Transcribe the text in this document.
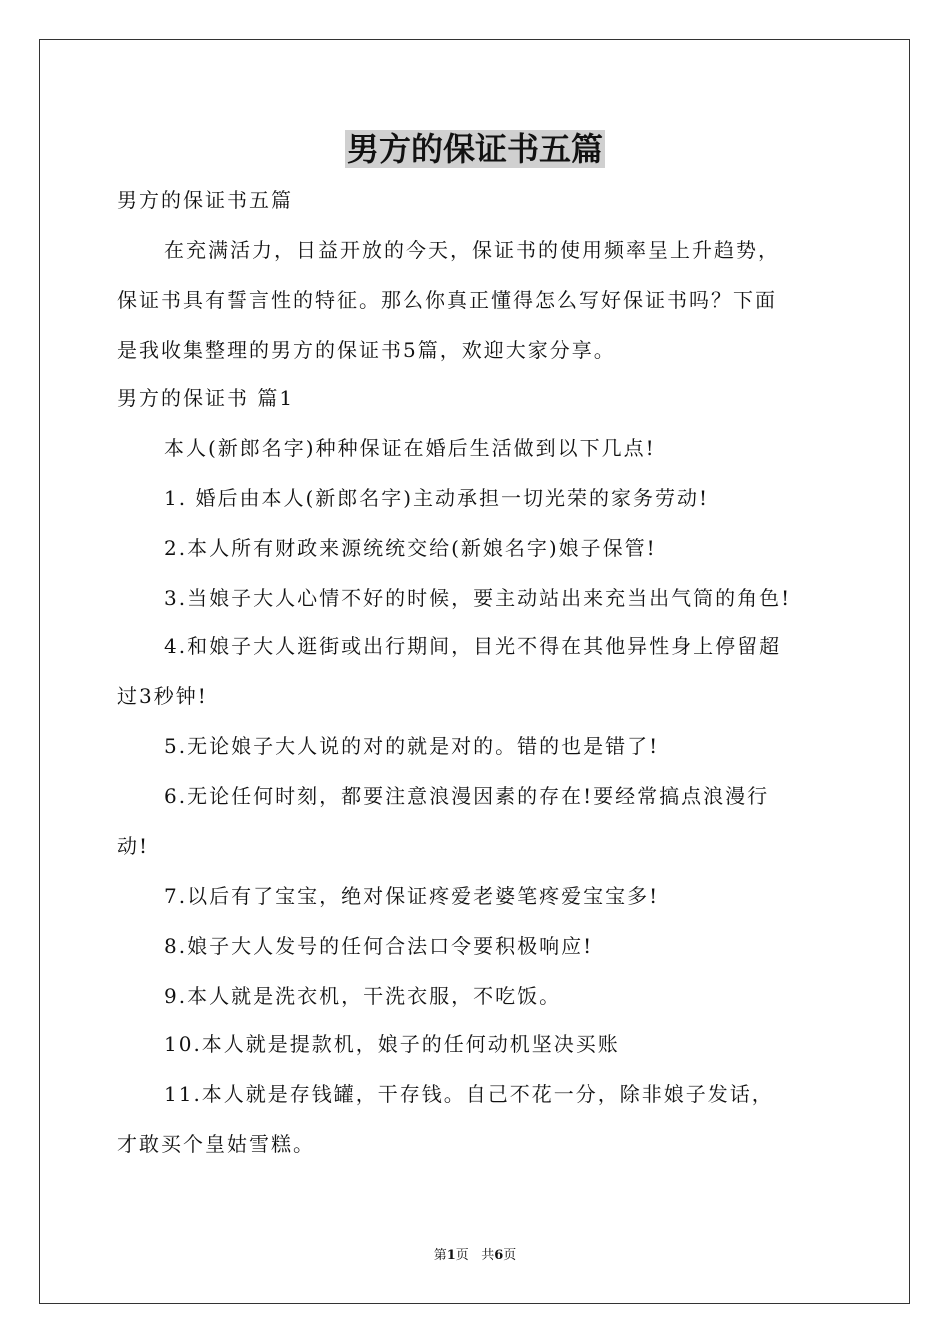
男方的保证书五篇
男方的保证书五篇
在充满活力，日益开放的今天，保证书的使用频率呈上升趋势，
保证书具有誓言性的特征。那么你真正懂得怎么写好保证书吗？下面
是我收集整理的男方的保证书5篇，欢迎大家分享。
男方的保证书 篇1
本人(新郎名字)种种保证在婚后生活做到以下几点!
1. 婚后由本人(新郎名字)主动承担一切光荣的家务劳动!
2.本人所有财政来源统统交给(新娘名字)娘子保管!
3.当娘子大人心情不好的时候，要主动站出来充当出气筒的角色!
4.和娘子大人逛街或出行期间，目光不得在其他异性身上停留超
过3秒钟!
5.无论娘子大人说的对的就是对的。错的也是错了!
6.无论任何时刻，都要注意浪漫因素的存在!要经常搞点浪漫行
动!
7.以后有了宝宝，绝对保证疼爱老婆笔疼爱宝宝多!
8.娘子大人发号的任何合法口令要积极响应!
9.本人就是洗衣机，干洗衣服，不吃饭。
10.本人就是提款机，娘子的任何动机坚决买账
11.本人就是存钱罐，干存钱。自己不花一分，除非娘子发话，
才敢买个皇姑雪糕。
第1页 共6页
